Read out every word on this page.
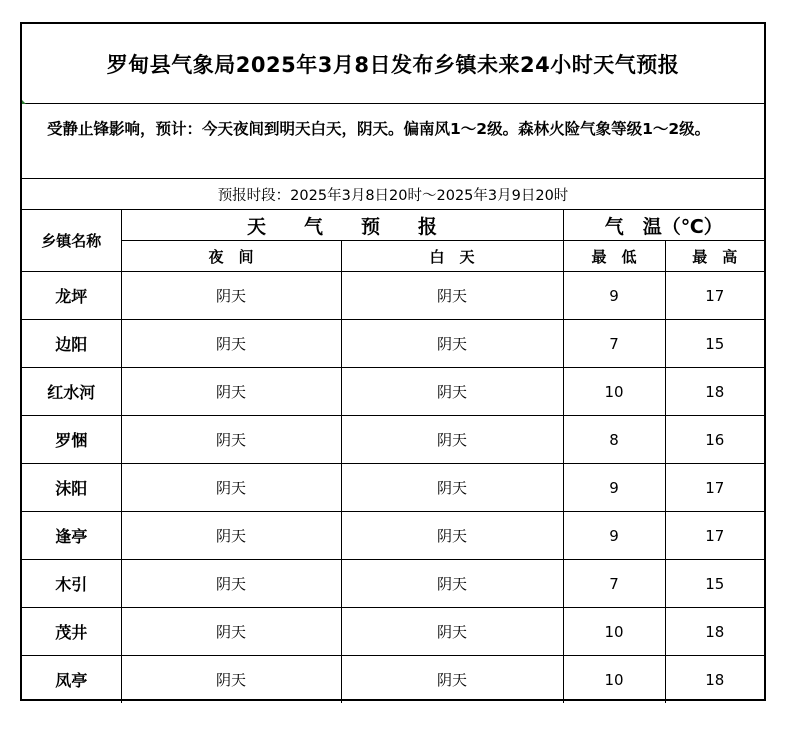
罗甸县气象局2025年3月8日发布乡镇未来24小时天气预报
受静止锋影响，预计：今天夜间到明天白天，阴天。偏南风1～2级。森林火险气象等级1～2级。
预报时段：2025年3月8日20时～2025年3月9日20时
乡镇名称	天　　气　　预　　报		气　温（℃）	
	夜　间	白　天	最　低	最　高
龙坪	阴天	阴天	9	17
边阳	阴天	阴天	7	15
红水河	阴天	阴天	10	18
罗悃	阴天	阴天	8	16
沫阳	阴天	阴天	9	17
逢亭	阴天	阴天	9	17
木引	阴天	阴天	7	15
茂井	阴天	阴天	10	18
凤亭	阴天	阴天	10	18
